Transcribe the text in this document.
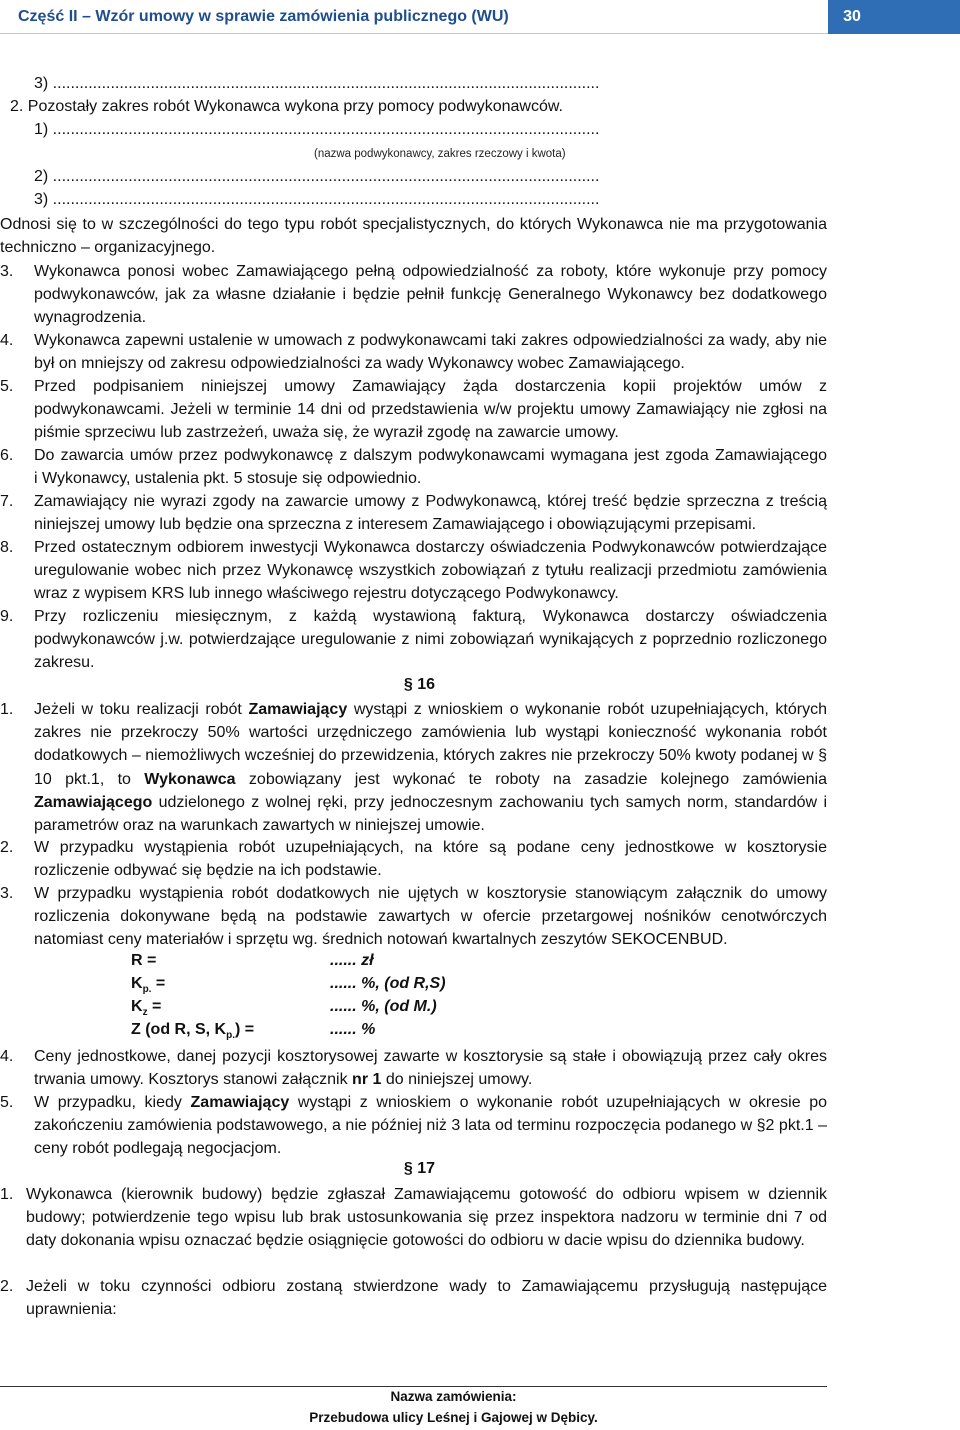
Część II – Wzór umowy w sprawie zamówienia publicznego (WU)	30
3) ...........................................................................................................................
2. Pozostały zakres robót Wykonawca wykona przy pomocy podwykonawców.
1) ...........................................................................................................................
(nazwa podwykonawcy, zakres rzeczowy i kwota)
2) ...........................................................................................................................
3) ...........................................................................................................................
Odnosi się to w szczególności do tego typu robót specjalistycznych, do których Wykonawca nie ma przygotowania techniczno – organizacyjnego.
3. Wykonawca ponosi wobec Zamawiającego pełną odpowiedzialność za roboty, które wykonuje przy pomocy podwykonawców, jak za własne działanie i będzie pełnił funkcję Generalnego Wykonawcy bez dodatkowego wynagrodzenia.
4. Wykonawca zapewni ustalenie w umowach z podwykonawcami taki zakres odpowiedzialności za wady, aby nie był on mniejszy od zakresu odpowiedzialności za wady Wykonawcy wobec Zamawiającego.
5. Przed podpisaniem niniejszej umowy Zamawiający żąda dostarczenia kopii projektów umów z podwykonawcami. Jeżeli w terminie 14 dni od przedstawienia w/w projektu umowy Zamawiający nie zgłosi na piśmie sprzeciwu lub zastrzeżeń, uważa się, że wyraził zgodę na zawarcie umowy.
6. Do zawarcia umów przez podwykonawcę z dalszym podwykonawcami wymagana jest zgoda Zamawiającego        i Wykonawcy, ustalenia pkt. 5 stosuje się odpowiednio.
7. Zamawiający nie wyrazi zgody na zawarcie umowy z Podwykonawcą, której treść będzie sprzeczna z treścią niniejszej umowy lub będzie ona sprzeczna z interesem Zamawiającego i obowiązującymi przepisami.
8. Przed ostatecznym odbiorem inwestycji Wykonawca dostarczy oświadczenia Podwykonawców potwierdzające uregulowanie wobec nich przez Wykonawcę wszystkich zobowiązań z tytułu realizacji przedmiotu zamówienia wraz z wypisem KRS lub innego właściwego rejestru dotyczącego Podwykonawcy.
9. Przy rozliczeniu miesięcznym, z każdą wystawioną fakturą, Wykonawca dostarczy oświadczenia podwykonawców j.w. potwierdzające uregulowanie z nimi zobowiązań wynikających z poprzednio rozliczonego zakresu.
§ 16
1. Jeżeli w toku realizacji robót Zamawiający wystąpi z wnioskiem o wykonanie robót uzupełniających, których zakres nie przekroczy 50% wartości urzędniczego zamówienia lub wystąpi konieczność wykonania robót dodatkowych – niemożliwych wcześniej do przewidzenia, których zakres nie przekroczy 50% kwoty podanej w § 10 pkt.1, to Wykonawca zobowiązany jest wykonać te roboty na zasadzie kolejnego zamówienia Zamawiającego udzielonego z wolnej ręki, przy jednoczesnym zachowaniu tych samych norm, standardów i parametrów oraz na warunkach zawartych w niniejszej umowie.
2. W przypadku wystąpienia robót uzupełniających, na które są podane ceny jednostkowe w kosztorysie rozliczenie odbywać się będzie na ich podstawie.
3. W przypadku wystąpienia robót dodatkowych nie ujętych w kosztorysie stanowiącym załącznik do umowy rozliczenia dokonywane będą na podstawie zawartych w ofercie przetargowej nośników cenotwórczych natomiast ceny materiałów i sprzętu wg. średnich notowań kwartalnych zeszytów SEKOCENBUD.
R =	...... zł
$K_{p.}$ =	...... %, (od R,S)
$K_z$ =	...... %, (od M.)
Z (od R, S, $K_{p.}$) =	...... %
4. Ceny jednostkowe, danej pozycji kosztorysowej zawarte w kosztorysie są stałe i obowiązują przez cały okres trwania umowy. Kosztorys stanowi załącznik nr 1 do niniejszej umowy.
5. W przypadku, kiedy Zamawiający wystąpi z wnioskiem o wykonanie robót uzupełniających w okresie po zakończeniu zamówienia podstawowego, a nie później niż 3 lata od terminu rozpoczęcia podanego w §2 pkt.1 – ceny robót podlegają negocjacjom.
§ 17
1. Wykonawca (kierownik budowy) będzie zgłaszał Zamawiającemu gotowość do odbioru wpisem w dziennik budowy; potwierdzenie tego wpisu lub brak ustosunkowania się przez inspektora nadzoru w terminie dni 7 od daty dokonania wpisu oznaczać będzie osiągnięcie gotowości do odbioru w dacie wpisu do dziennika budowy.
2. Jeżeli w toku czynności odbioru zostaną stwierdzone wady to Zamawiającemu przysługują następujące uprawnienia:
Nazwa zamówienia:
Przebudowa ulicy Leśnej i Gajowej w Dębicy.
